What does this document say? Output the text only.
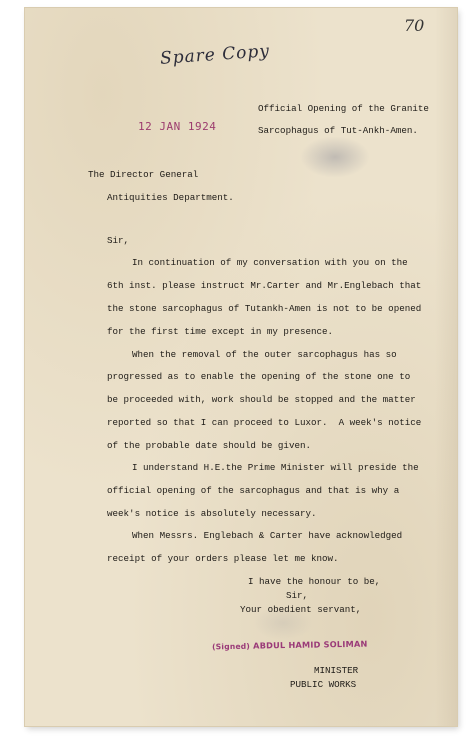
Spare Copy
70
Official Opening of the Granite
12 JAN 1924	Sarcophagus of Tut-Ankh-Amen.
The Director General
Antiquities Department.
Sir,
In continuation of my conversation with you on the
6th inst. please instruct Mr.Carter and Mr.Englebach that
the stone sarcophagus of Tutankh-Amen is not to be opened
for the first time except in my presence.
When the removal of the outer sarcophagus has so
progressed as to enable the opening of the stone one to
be proceeded with, work should be stopped and the matter
reported so that I can proceed to Luxor.  A week's notice
of the probable date should be given.
I understand H.E.the Prime Minister will preside the
official opening of the sarcophagus and that is why a
week's notice is absolutely necessary.
When Messrs. Englebach & Carter have acknowledged
receipt of your orders please let me know.
I have the honour to be,
Sir,
Your obedient servant,
(Signed) ABDUL HAMID SOLIMAN
MINISTER
PUBLIC WORKS
